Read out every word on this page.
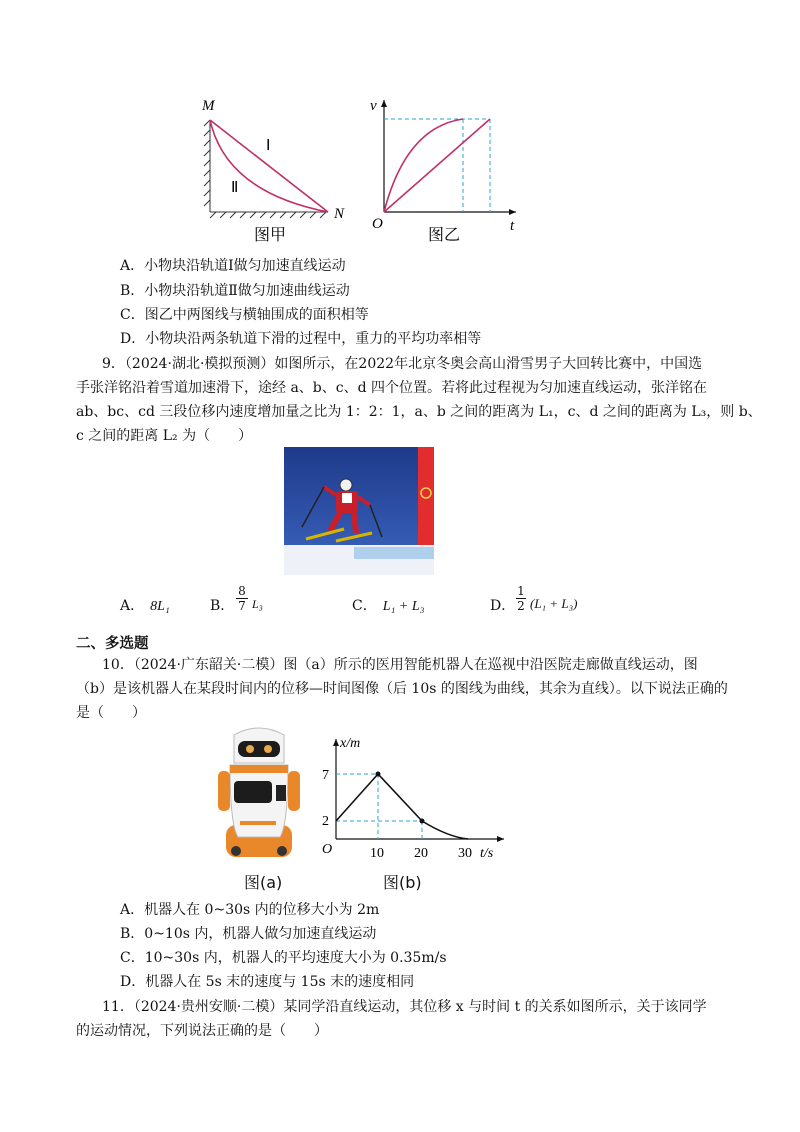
M
N
Ⅰ
Ⅱ
图甲
v
O	t
图乙
A．小物块沿轨道Ⅰ做匀加速直线运动
B．小物块沿轨道Ⅱ做匀加速曲线运动
C．图乙中两图线与横轴围成的面积相等
D．小物块沿两条轨道下滑的过程中，重力的平均功率相等
9．（2024·湖北·模拟预测）如图所示，在2022年北京冬奥会高山滑雪男子大回转比赛中，中国选
手张洋铭沿着雪道加速滑下，途经 a、b、c、d 四个位置。若将此过程视为匀加速直线运动，张洋铭在
ab、bc、cd 三段位移内速度增加量之比为 1：2：1，a、b 之间的距离为 L₁，c、d 之间的距离为 L₃，则 b、
c 之间的距离 L₂ 为（　　）
A． 8L₁	B． $\frac{8}{7} L_3$	C． L₁ + L₃	D． $\frac{1}{2} (L_1 + L_3)$
二、多选题
10．（2024·广东韶关·二模）图（a）所示的医用智能机器人在巡视中沿医院走廊做直线运动，图
（b）是该机器人在某段时间内的位移—时间图像（后 10s 的图线为曲线，其余为直线）。以下说法正确的
是（　　）
图(a)
x/m
t/s
O
7
2
10 20 30
图(b)
A．机器人在 0~30s 内的位移大小为 2m
B．0~10s 内，机器人做匀加速直线运动
C．10~30s 内，机器人的平均速度大小为 0.35m/s
D．机器人在 5s 末的速度与 15s 末的速度相同
11．（2024·贵州安顺·二模）某同学沿直线运动，其位移 x 与时间 t 的关系如图所示，关于该同学
的运动情况，下列说法正确的是（　　）
